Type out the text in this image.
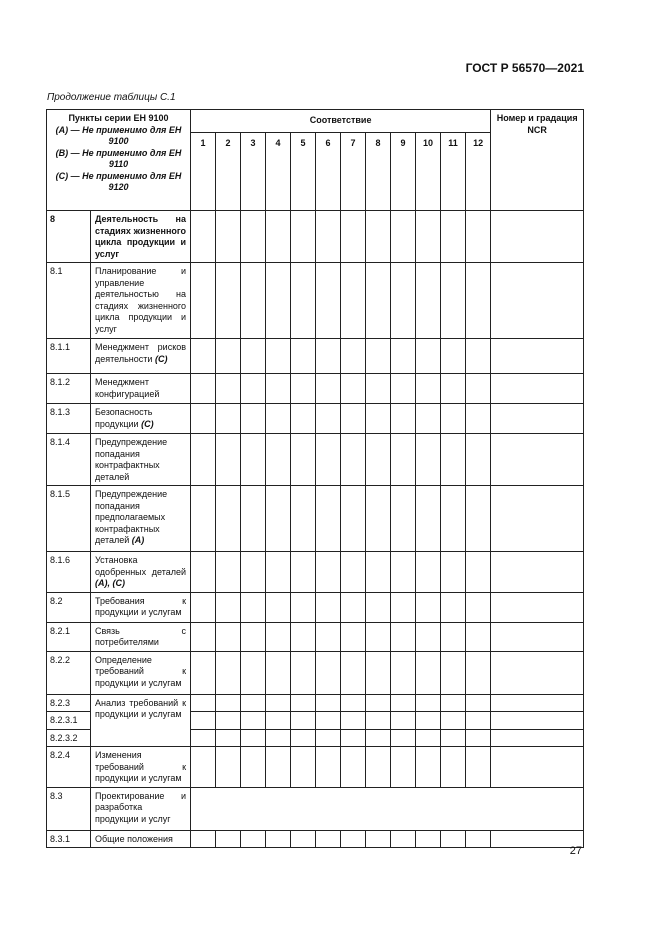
ГОСТ Р 56570—2021
Продолжение таблицы С.1
Пункты серии ЕН 9100
(А) — Не применимо для ЕН 9100
(В) — Не применимо для ЕН 9110
(С) — Не применимо для ЕН 9120		Соответствие												Номер и градация NCR
		1	2	3	4	5	6	7	8	9	10	11	12	
8	Деятельность на стадиях жизненного цикла продукции и услуг													
8.1	Планирование и управление деятельностью на стадиях жизненного цикла продукции и услуг													
8.1.1	Менеджмент рисков деятельности (С)													
8.1.2	Менеджмент конфигурацией													
8.1.3	Безопасность продукции (С)													
8.1.4	Предупреждение попадания контрафактных деталей													
8.1.5	Предупреждение попадания предполагаемых контрафактных деталей (А)													
8.1.6	Установка одобренных деталей (А), (С)													
8.2	Требования к продукции и услугам													
8.2.1	Связь с потребителями													
8.2.2	Определение требований к продукции и услугам													
8.2.3	Анализ требований к продукции и услугам													
8.2.3.1														
8.2.3.2														
8.2.4	Изменения требований к продукции и услугам													
8.3	Проектирование и разработка продукции и услуг													
8.3.1	Общие положения													
27
